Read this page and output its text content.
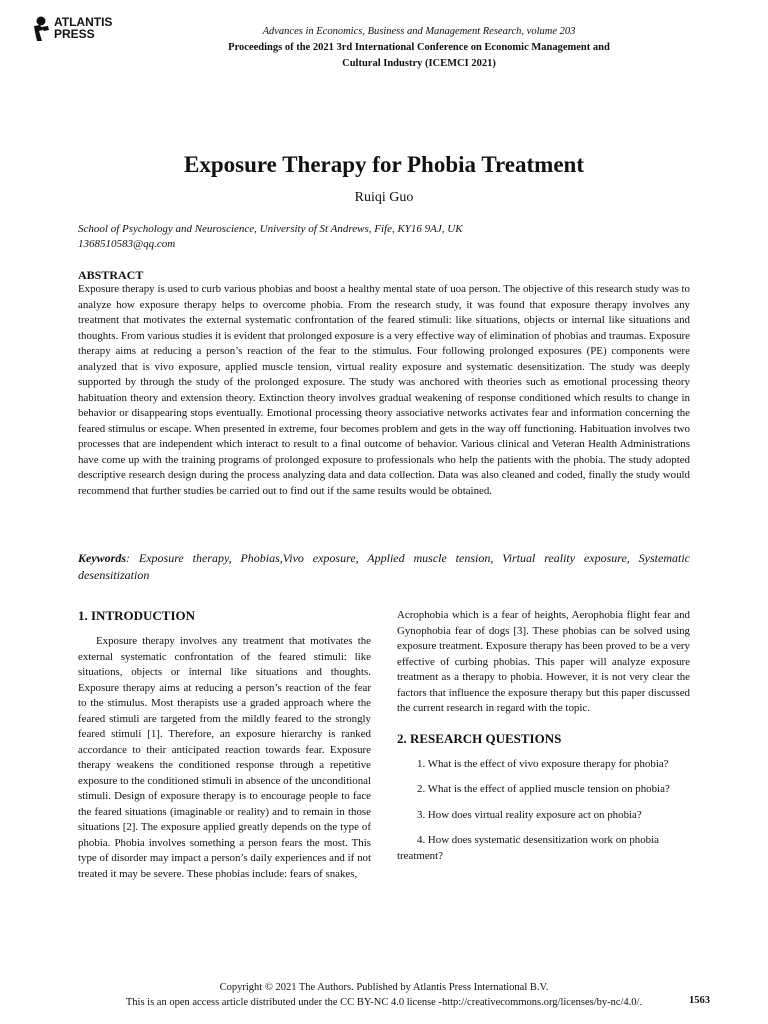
ATLANTIS
PRESS	Advances in Economics, Business and Management Research, volume 203
Proceedings of the 2021 3rd International Conference on Economic Management and
Cultural Industry (ICEMCI 2021)
Exposure Therapy for Phobia Treatment
Ruiqi Guo
School of Psychology and Neuroscience, University of St Andrews, Fife, KY16 9AJ, UK
1368510583@qq.com
ABSTRACT
Exposure therapy is used to curb various phobias and boost a healthy mental state of uoa person. The objective of this research study was to analyze how exposure therapy helps to overcome phobia. From the research study, it was found that exposure therapy involves any treatment that motivates the external systematic confrontation of the feared stimuli: like situations, objects or internal like situations and thoughts. From various studies it is evident that prolonged exposure is a very effective way of elimination of phobias and traumas. Exposure therapy aims at reducing a person’s reaction of the fear to the stimulus. Four following prolonged exposures (PE) components were analyzed that is vivo exposure, applied muscle tension, virtual reality exposure and systematic desensitization. The study was deeply supported by through the study of the prolonged exposure. The study was anchored with theories such as emotional processing theory habituation theory and extension theory. Extinction theory involves gradual weakening of response conditioned which results to change in behavior or disappearing stops eventually. Emotional processing theory associative networks activates fear and information concerning the feared stimulus or escape. When presented in extreme, four becomes problem and gets in the way off functioning. Habituation involves two processes that are independent which interact to result to a final outcome of behavior. Various clinical and Veteran Health Administrations have come up with the training programs of prolonged exposure to professionals who help the patients with the phobia. The study adopted descriptive research design during the process analyzing data and data collection. Data was also cleaned and coded, finally the study would recommend that further studies be carried out to find out if the same results would be obtained.
Keywords: Exposure therapy, Phobias,Vivo exposure, Applied muscle tension, Virtual reality exposure, Systematic desensitization
1. INTRODUCTION

Exposure therapy involves any treatment that motivates the external systematic confrontation of the feared stimuli: like situations, objects or internal like situations and thoughts. Exposure therapy aims at reducing a person’s reaction of the fear to the stimulus. Most therapists use a graded approach where the feared stimuli are targeted from the mildly feared to the strongly feared stimuli [1]. Therefore, an exposure hierarchy is ranked accordance to their anticipated reaction towards fear. Exposure therapy weakens the conditioned response through a repetitive exposure to the conditioned stimuli in absence of the unconditional stimuli. Design of exposure therapy is to encourage people to face the feared situations (imaginable or reality) and to remain in those situations [2]. The exposure applied greatly depends on the type of phobia. Phobia involves something a person fears the most. This type of disorder may impact a person’s daily experiences and if not treated it may be severe. These phobias include: fears of snakes,

Acrophobia which is a fear of heights, Aerophobia flight fear and Gynophobia fear of dogs [3]. These phobias can be solved using exposure treatment. Exposure therapy has been proved to be a very effective of curbing phobias. This paper will analyze exposure treatment as a therapy to phobia. However, it is not very clear the factors that influence the exposure therapy but this paper discussed the current research in regard with the topic.

2. RESEARCH QUESTIONS

1. What is the effect of vivo exposure therapy for phobia?

2. What is the effect of applied muscle tension on phobia?

3. How does virtual reality exposure act on phobia?

4. How does systematic desensitization work on phobia treatment?

Copyright © 2021 The Authors. Published by Atlantis Press International B.V.
This is an open access article distributed under the CC BY-NC 4.0 license -http://creativecommons.org/licenses/by-nc/4.0/.	1563
